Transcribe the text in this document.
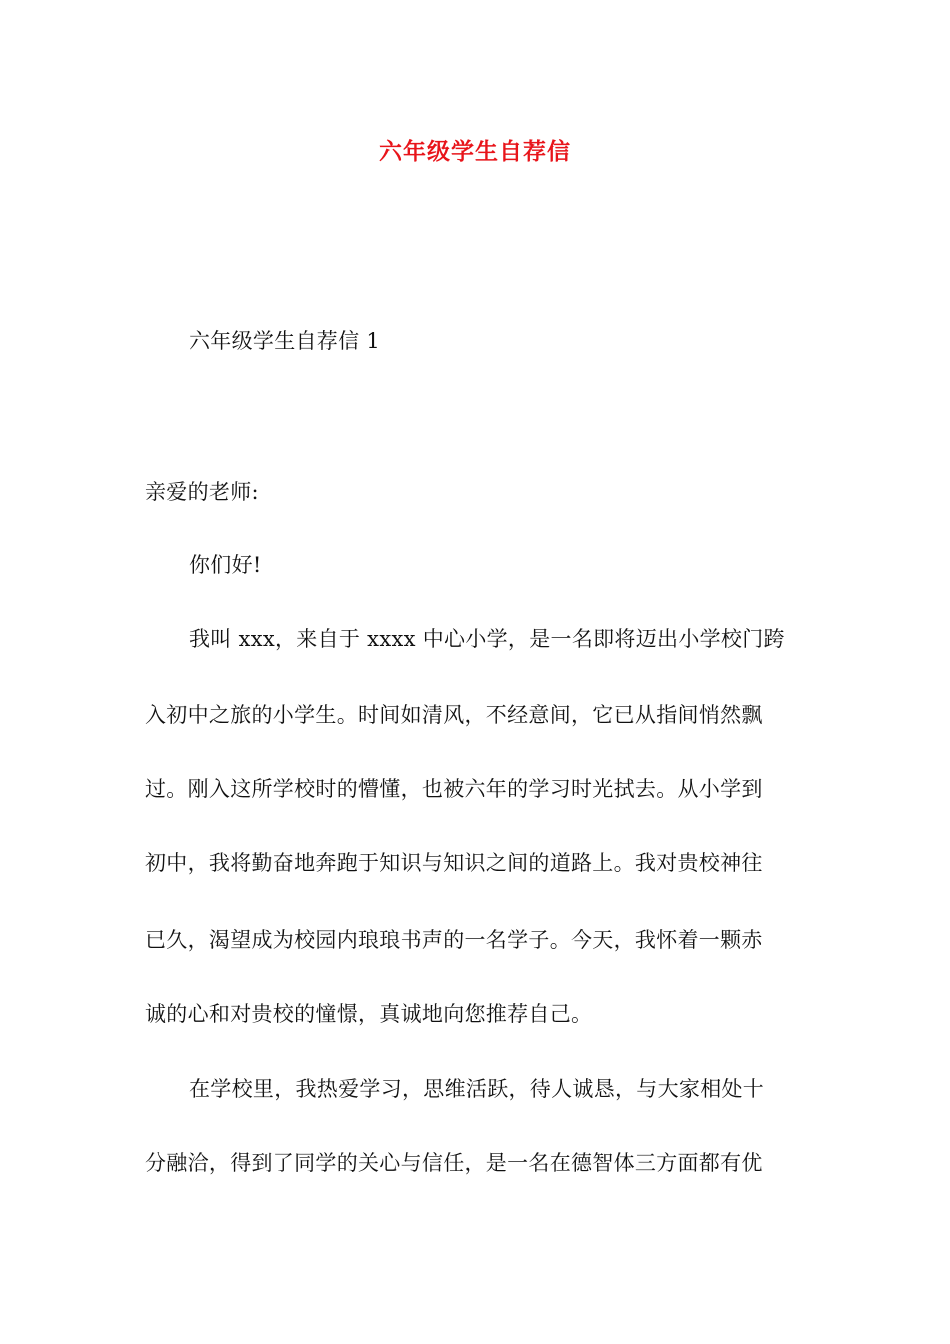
六年级学生自荐信
六年级学生自荐信 1
亲爱的老师:
你们好!
我叫 xxx，来自于 xxxx 中心小学，是一名即将迈出小学校门跨
入初中之旅的小学生。时间如清风，不经意间，它已从指间悄然飘
过。刚入这所学校时的懵懂，也被六年的学习时光拭去。从小学到
初中，我将勤奋地奔跑于知识与知识之间的道路上。我对贵校神往
已久，渴望成为校园内琅琅书声的一名学子。今天，我怀着一颗赤
诚的心和对贵校的憧憬，真诚地向您推荐自己。
在学校里，我热爱学习，思维活跃，待人诚恳，与大家相处十
分融洽，得到了同学的关心与信任，是一名在德智体三方面都有优
